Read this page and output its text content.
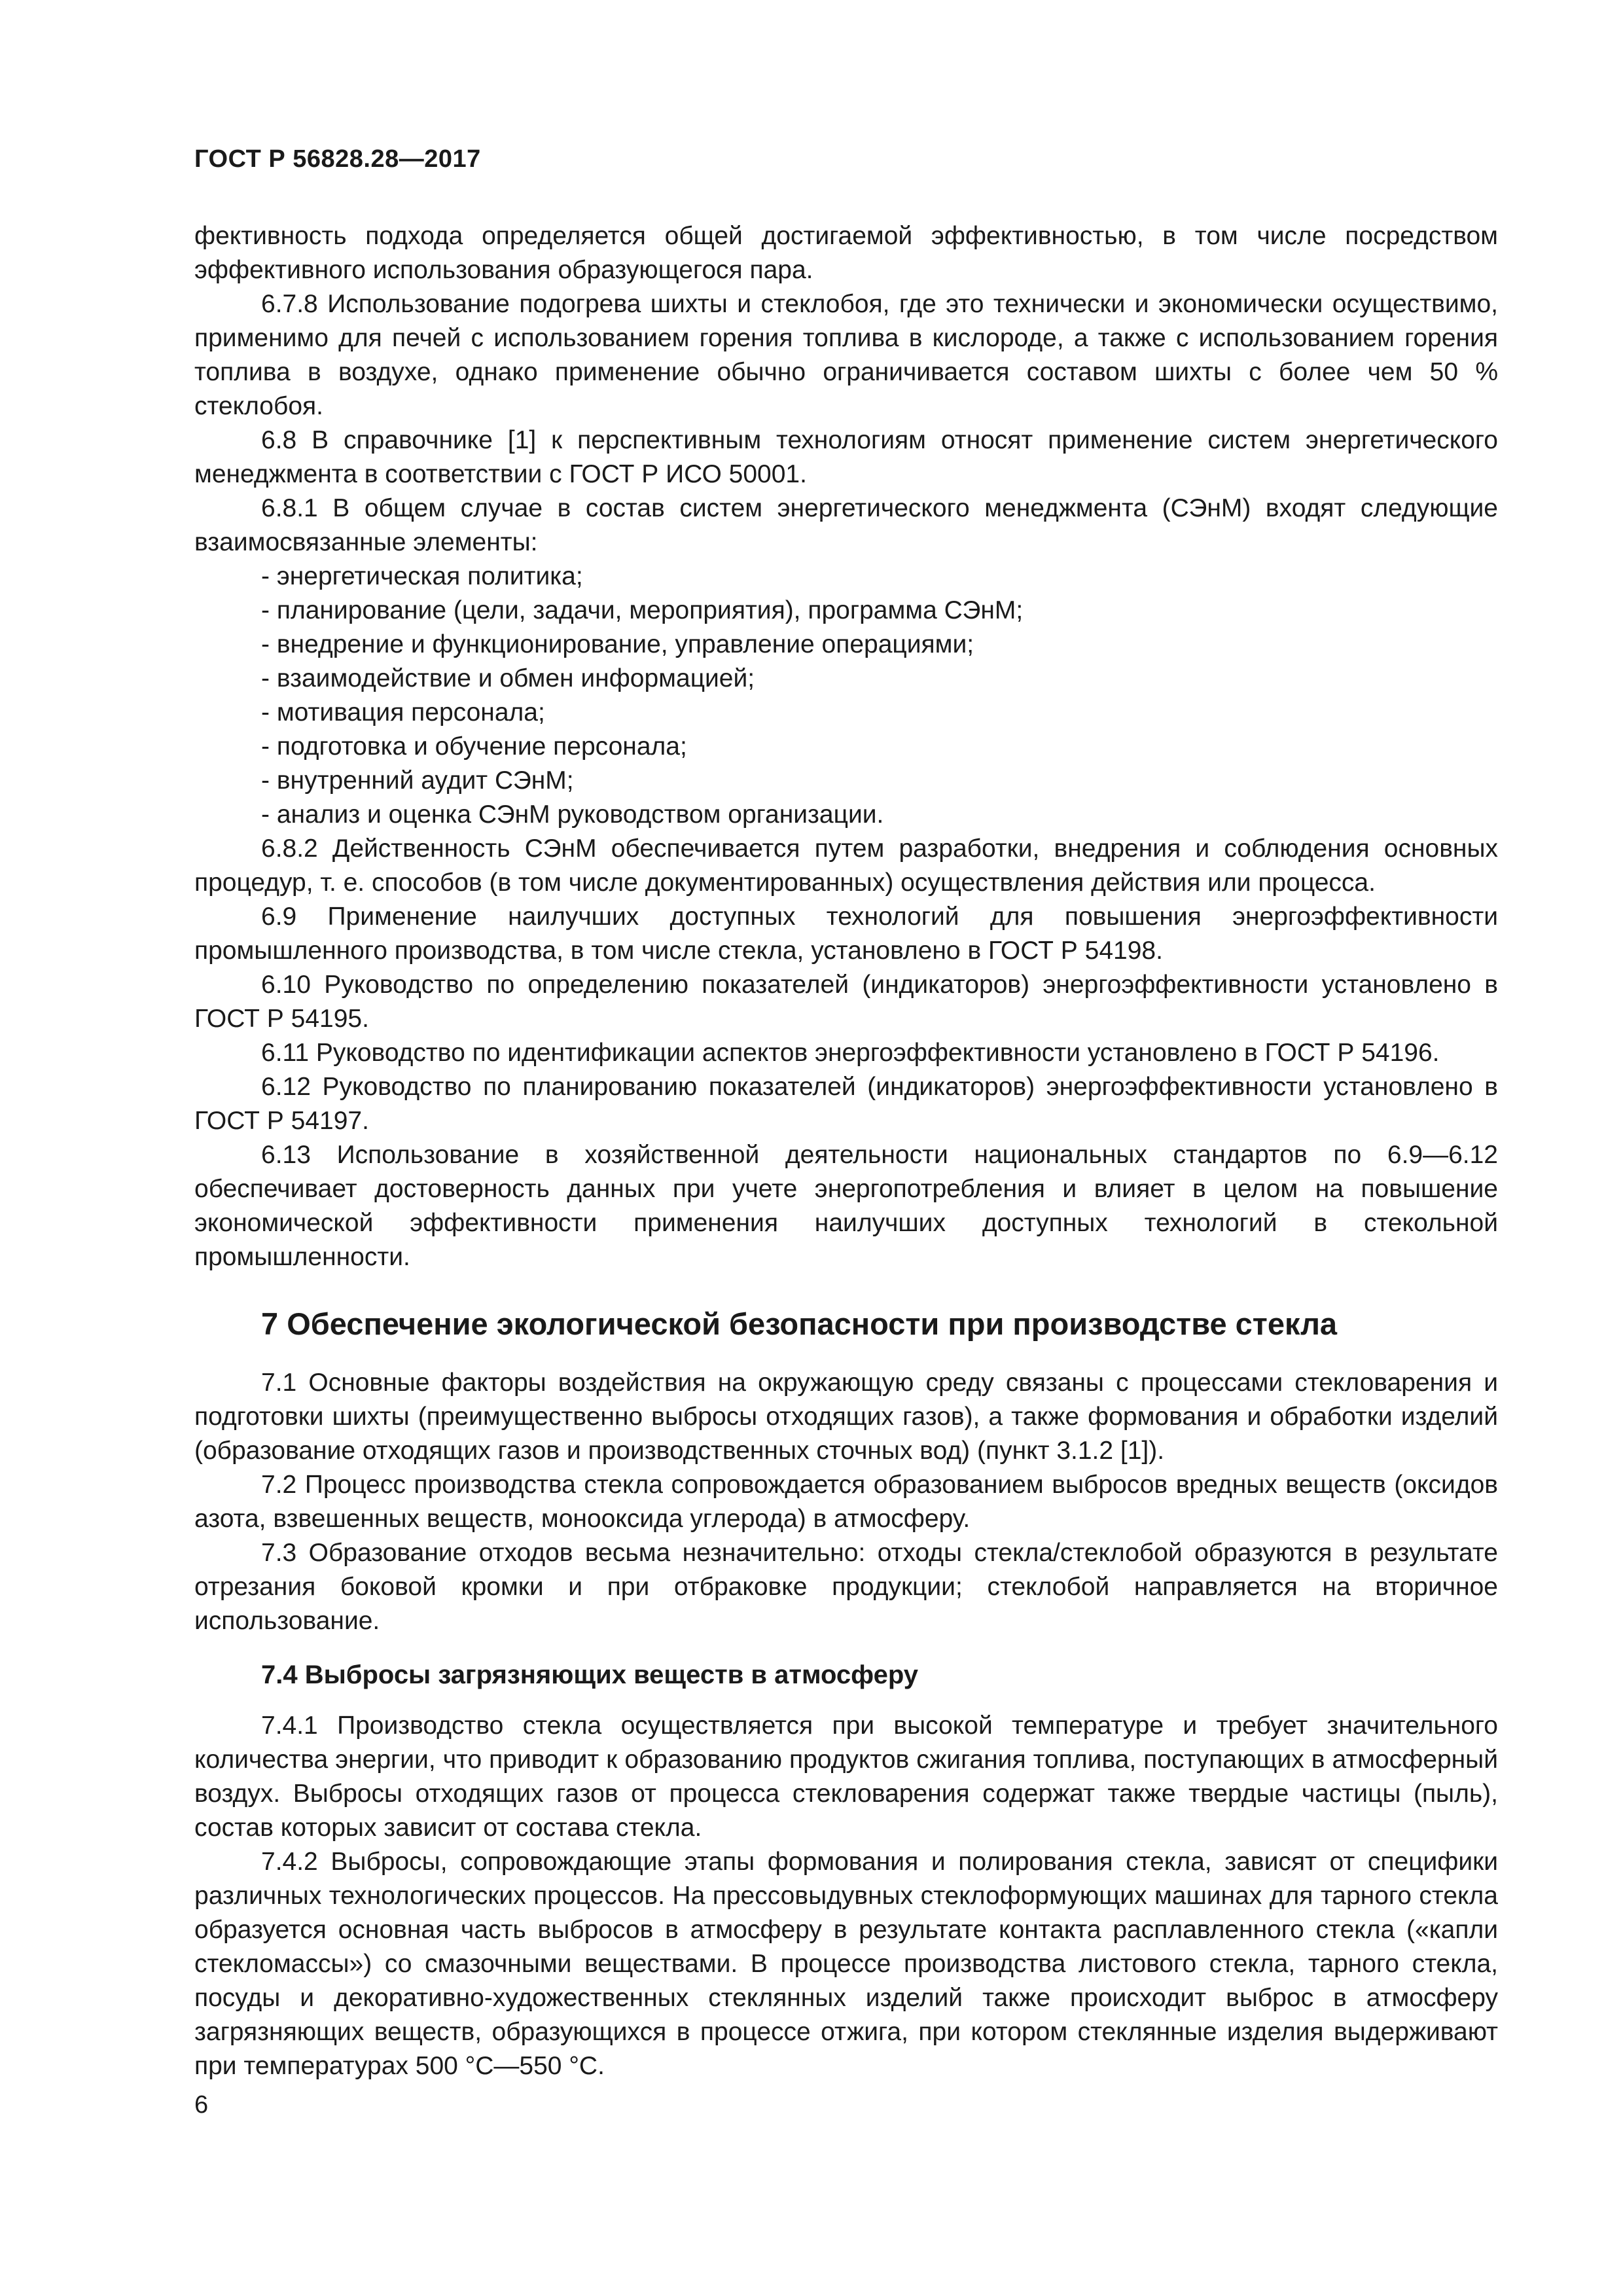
ГОСТ Р 56828.28—2017

фективность подхода определяется общей достигаемой эффективностью, в том числе посредством эффективного использования образующегося пара.

6.7.8 Использование подогрева шихты и стеклобоя, где это технически и экономически осуществимо, применимо для печей с использованием горения топлива в кислороде, а также с использованием горения топлива в воздухе, однако применение обычно ограничивается составом шихты с более чем 50 % стеклобоя.

6.8 В справочнике [1] к перспективным технологиям относят применение систем энергетического менеджмента в соответствии с ГОСТ Р ИСО 50001.

6.8.1 В общем случае в состав систем энергетического менеджмента (СЭнМ) входят следующие взаимосвязанные элементы:

- энергетическая политика;

- планирование (цели, задачи, мероприятия), программа СЭнМ;

- внедрение и функционирование, управление операциями;

- взаимодействие и обмен информацией;

- мотивация персонала;

- подготовка и обучение персонала;

- внутренний аудит СЭнМ;

- анализ и оценка СЭнМ руководством организации.

6.8.2 Действенность СЭнМ обеспечивается путем разработки, внедрения и соблюдения основных процедур, т. е. способов (в том числе документированных) осуществления действия или процесса.

6.9 Применение наилучших доступных технологий для повышения энергоэффективности промышленного производства, в том числе стекла, установлено в ГОСТ Р 54198.

6.10 Руководство по определению показателей (индикаторов) энергоэффективности установлено в ГОСТ Р 54195.

6.11 Руководство по идентификации аспектов энергоэффективности установлено в ГОСТ Р 54196.

6.12 Руководство по планированию показателей (индикаторов) энергоэффективности установлено в ГОСТ Р 54197.

6.13 Использование в хозяйственной деятельности национальных стандартов по 6.9—6.12 обеспечивает достоверность данных при учете энергопотребления и влияет в целом на повышение экономической эффективности применения наилучших доступных технологий в стекольной промышленности.

7 Обеспечение экологической безопасности при производстве стекла

7.1 Основные факторы воздействия на окружающую среду связаны с процессами стекловарения и подготовки шихты (преимущественно выбросы отходящих газов), а также формования и обработки изделий (образование отходящих газов и производственных сточных вод) (пункт 3.1.2 [1]).

7.2 Процесс производства стекла сопровождается образованием выбросов вредных веществ (оксидов азота, взвешенных веществ, монооксида углерода) в атмосферу.

7.3 Образование отходов весьма незначительно: отходы стекла/стеклобой образуются в результате отрезания боковой кромки и при отбраковке продукции; стеклобой направляется на вторичное использование.

7.4 Выбросы загрязняющих веществ в атмосферу

7.4.1 Производство стекла осуществляется при высокой температуре и требует значительного количества энергии, что приводит к образованию продуктов сжигания топлива, поступающих в атмосферный воздух. Выбросы отходящих газов от процесса стекловарения содержат также твердые частицы (пыль), состав которых зависит от состава стекла.

7.4.2 Выбросы, сопровождающие этапы формования и полирования стекла, зависят от специфики различных технологических процессов. На прессовыдувных стеклоформующих машинах для тарного стекла образуется основная часть выбросов в атмосферу в результате контакта расплавленного стекла («капли стекломассы») со смазочными веществами. В процессе производства листового стекла, тарного стекла, посуды и декоративно-художественных стеклянных изделий также происходит выброс в атмосферу загрязняющих веществ, образующихся в процессе отжига, при котором стеклянные изделия выдерживают при температурах 500 °С—550 °С.

6
